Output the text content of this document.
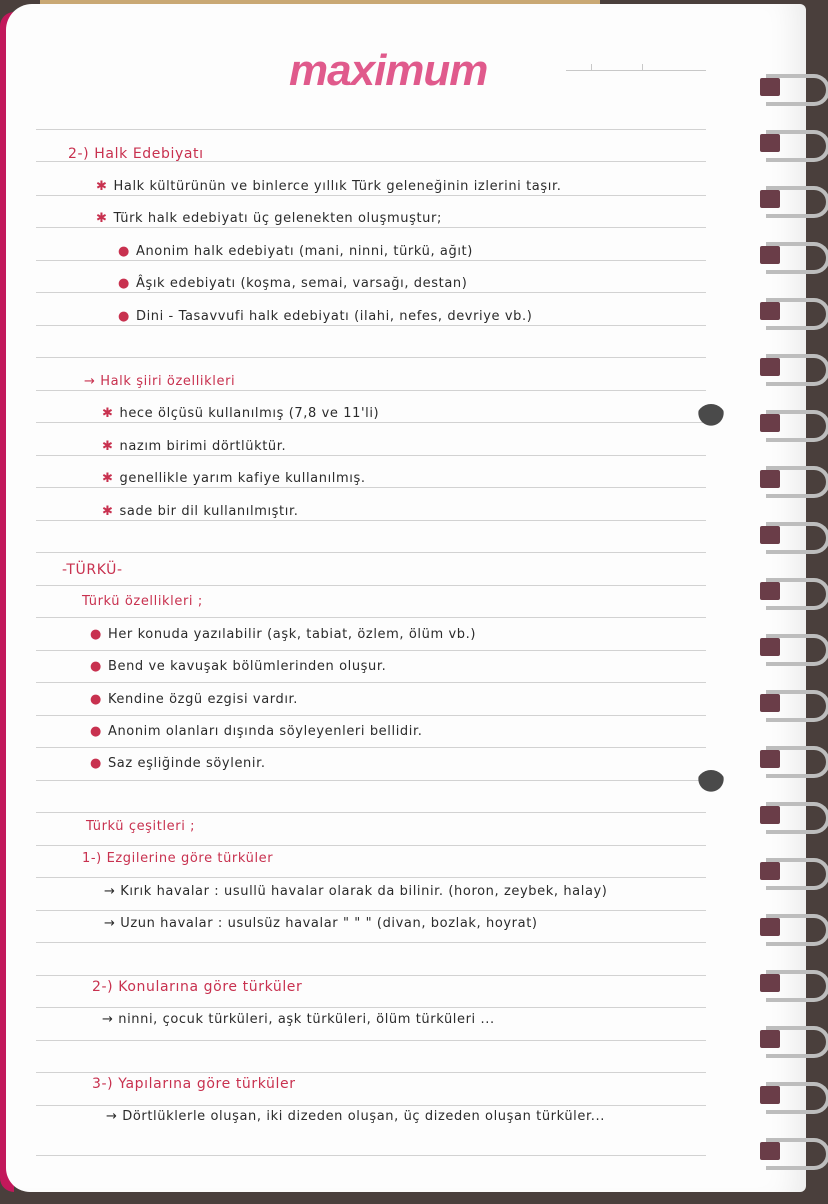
maximum
2-) Halk Edebiyatı
✱ Halk kültürünün ve binlerce yıllık Türk geleneğinin izlerini taşır.
✱ Türk halk edebiyatı üç gelenekten oluşmuştur;
● Anonim halk edebiyatı (mani, ninni, türkü, ağıt)
● Âşık edebiyatı (koşma, semai, varsağı, destan)
● Dini - Tasavvufi halk edebiyatı (ilahi, nefes, devriye vb.)
→ Halk şiiri özellikleri
✱ hece ölçüsü kullanılmış (7,8 ve 11'li)
✱ nazım birimi dörtlüktür.
✱ genellikle yarım kafiye kullanılmış.
✱ sade bir dil kullanılmıştır.
-TÜRKÜ-
Türkü özellikleri ;
● Her konuda yazılabilir (aşk, tabiat, özlem, ölüm vb.)
● Bend ve kavuşak bölümlerinden oluşur.
● Kendine özgü ezgisi vardır.
● Anonim olanları dışında söyleyenleri bellidir.
● Saz eşliğinde söylenir.
Türkü çeşitleri ;
1-) Ezgilerine göre türküler
→ Kırık havalar : usullü havalar olarak da bilinir. (horon, zeybek, halay)
→ Uzun havalar : usulsüz havalar " " " (divan, bozlak, hoyrat)
2-) Konularına göre türküler
→ ninni, çocuk türküleri, aşk türküleri, ölüm türküleri ...
3-) Yapılarına göre türküler
→ Dörtlüklerle oluşan, iki dizeden oluşan, üç dizeden oluşan türküler...
